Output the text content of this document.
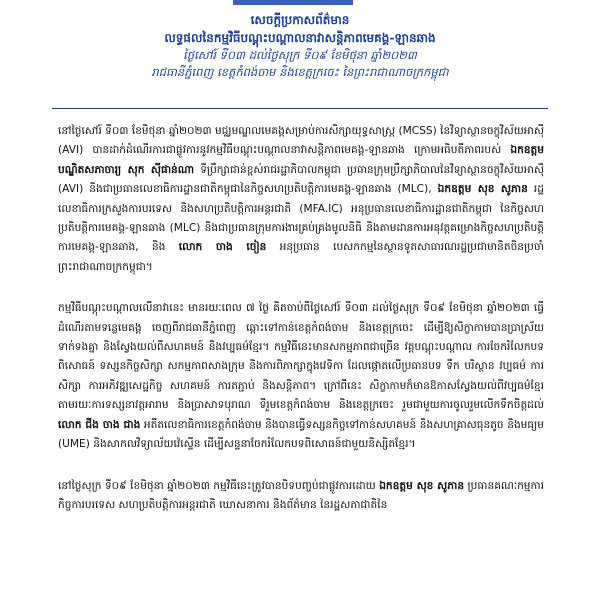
សេចក្តីប្រកាសព័ត៌មាន
លទ្ធផលនៃកម្មវិធីបណ្តុះបណ្តាលនាវាសន្តិភាពមេគង្គ-ឡានឆាង
ថ្ងៃសៅរ៍ ទី០៣ ដល់ថ្ងៃសុក្រ ទី០៩ ខែមិថុនា ឆ្នាំ២០២៣
រាជធានីភ្នំពេញ ខេត្តកំពង់ចាម និងខេត្តក្រចេះ នៃព្រះរាជាណាចក្រកម្ពុជា

នៅថ្ងៃសៅរ៍ ទី០៣ ខែមិថុនា ឆ្នាំ២០២៣ មជ្ឈមណ្ឌលមេគង្គសម្រាប់ការសិក្សាយុទ្ធសាស្រ្ត (MCSS) នៃវិទ្យាស្ថានចក្ខុវិស័យអាស៊ី (AVI) បានដាក់ដំណើរការជាផ្លូវការនូវកម្មវិធីបណ្តុះបណ្តាលនាវាសន្តិភាពមេគង្គ-ឡានឆាង ក្រោមអធិបតីភាពរបស់ ឯកឧត្តមបណ្ឌិតសភាចារ្យ សុក ស៊ីផាន់ណា ទីប្រឹក្សាជាន់ខ្ពស់រាជរដ្ឋាភិបាលកម្ពុជា ប្រធានក្រុមប្រឹក្សាភិបាលនៃវិទ្យាស្ថានចក្ខុវិស័យអាស៊ី (AVI) និងជាប្រធានលេខាធិការដ្ឋានជាតិកម្ពុជានៃកិច្ចសហប្រតិបត្តិការមេគង្គ-ឡានឆាង (MLC), ឯកឧត្តម សុខ សូភាន រដ្ឋលេខាធិការក្រសួងការបរទេស និងសហប្រតិបត្តិការអន្តរជាតិ (MFA.IC) អនុប្រធានលេខាធិការដ្ឋានជាតិកម្ពុជា នៃកិច្ចសហប្រតិបត្តិការមេគង្គ-ឡានឆាង (MLC) និងជាប្រធានក្រុមការងារគ្រប់គ្រងមូលនិធិ និងតាមដានការអនុវត្តគម្រោងកិច្ចសហប្រតិបត្តិការមេគង្គ-ឡានឆាង, និង លោក ចាង ចៀន អនុប្រធាន បេសកកម្មនៃស្ថានទូតសាធារណរដ្ឋប្រជាមានិតចិនប្រចាំព្រះរាជាណាចក្រកម្ពុជា។

កម្មវិធីបណ្តុះបណ្តាលលើនាវានេះ មានរយៈពេល ៧ ថ្ងៃ គិតចាប់ពីថ្ងៃសៅរ៍ ទី០៣ ដល់ថ្ងៃសុក្រ ទី០៩ ខែមិថុនា ឆ្នាំ២០២៣ ធ្វើដំណើរតាមទន្លេមេគង្គ ចេញពីរាជធានីភ្នំពេញ ឆ្ពោះទៅកាន់ខេត្តកំពង់ចាម និងខេត្តក្រចេះ ដើម្បីឱ្យសិក្ខាកាមបានប្រាស្រ័យទាក់ទងគ្នា និងស្វែងយល់ពីសហគមន៍ និងវប្បធម៌ខ្មែរ។ កម្មវិធីនេះមានសកម្មភាពជាច្រើន វគ្គបណ្តុះបណ្តាល ការចែករំលែកបទពិសោធន៍ ទស្សនកិច្ចសិក្សា សកម្មភាពសាងក្រុម និងការពិភាក្សាក្នុងវេទិកា ដែលផ្តោតលើប្រធានបទ ទឹក បរិស្ថាន វប្បធម៌ ការសិក្សា ការអភិវឌ្ឍសេដ្ឋកិច្ច សហគមន៍ ការតភ្ជាប់ និងសន្តិភាព។ ក្រៅពីនេះ សិក្ខាកាមក៏មានឱកាសស្វែងយល់ពីវប្បធម៌ខ្មែរ តាមរយៈការទស្សនាវត្តអារាម និងប្រាសាទបុរាណ ទីរួមខេត្តកំពង់ចាម និងខេត្តក្រចេះ រួមជាមួយការចូលរួមលើកទឹកចិត្តដល់លោក ជីង ចាង ជាង អតីតលេខាធិការខេត្តកំពង់ចាម និងបានធ្វើទស្សនកិច្ចទៅកាន់សហគមន៍ និងសហគ្រាសធុនតូច និងមធ្យម (UME) និងសាកលវិទ្យាល័យវ៉េស្ទើន ដើម្បីសន្ទនាចែករំលែកបទពិសោធន៍ជាមួយនិស្សិតខ្មែរ។

នៅថ្ងៃសុក្រ ទី០៩ ខែមិថុនា ឆ្នាំ២០២៣ កម្មវិធីនេះត្រូវបានបិទបញ្ចប់ជាផ្លូវការដោយ ឯកឧត្តម សុខ សូភាន ប្រធានគណៈកម្មការកិច្ចការបរទេស សហប្រតិបត្តិការអន្តរជាតិ ឃោសនាការ និងព័ត៌មាន នៃរដ្ឋសភាជាតិនៃ
